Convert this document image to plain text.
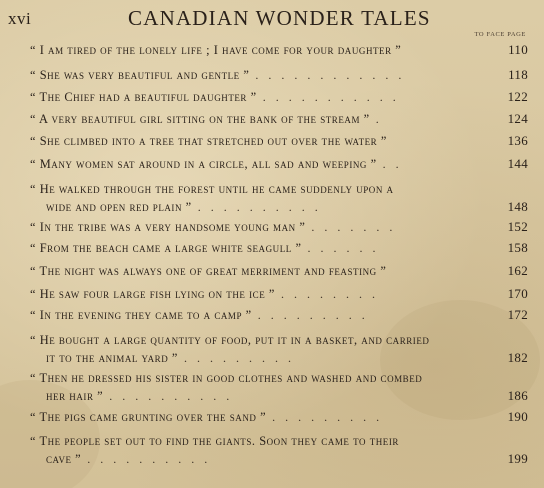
xvi	CANADIAN WONDER TALES
TO FACE PAGE
“ I am tired of the lonely life ; I have come for your daughter ”	110
“ She was very beautiful and gentle ” ............	118
“ The Chief had a beautiful daughter ” ...........	122
“ A very beautiful girl sitting on the bank of the stream ” .	124
“ She climbed into a tree that stretched out over the water ”	136
“ Many women sat around in a circle, all sad and weeping ” ..	144
“ He walked through the forest until he came suddenly upon a
wide and open red plain ” ..........	148
“ In the tribe was a very handsome young man ” .......	152
“ From the beach came a large white seagull ” ......	158
“ The night was always one of great merriment and feasting ”	162
“ He saw four large fish lying on the ice ” ........	170
“ In the evening they came to a camp ” .........	172
“ He bought a large quantity of food, put it in a basket, and carried
it to the animal yard ” .........	182
“ Then he dressed his sister in good clothes and washed and combed
her hair ” ..........	186
“ The pigs came grunting over the sand ” .........	190
“ The people set out to find the giants. Soon they came to their
cave ” ..........	199
